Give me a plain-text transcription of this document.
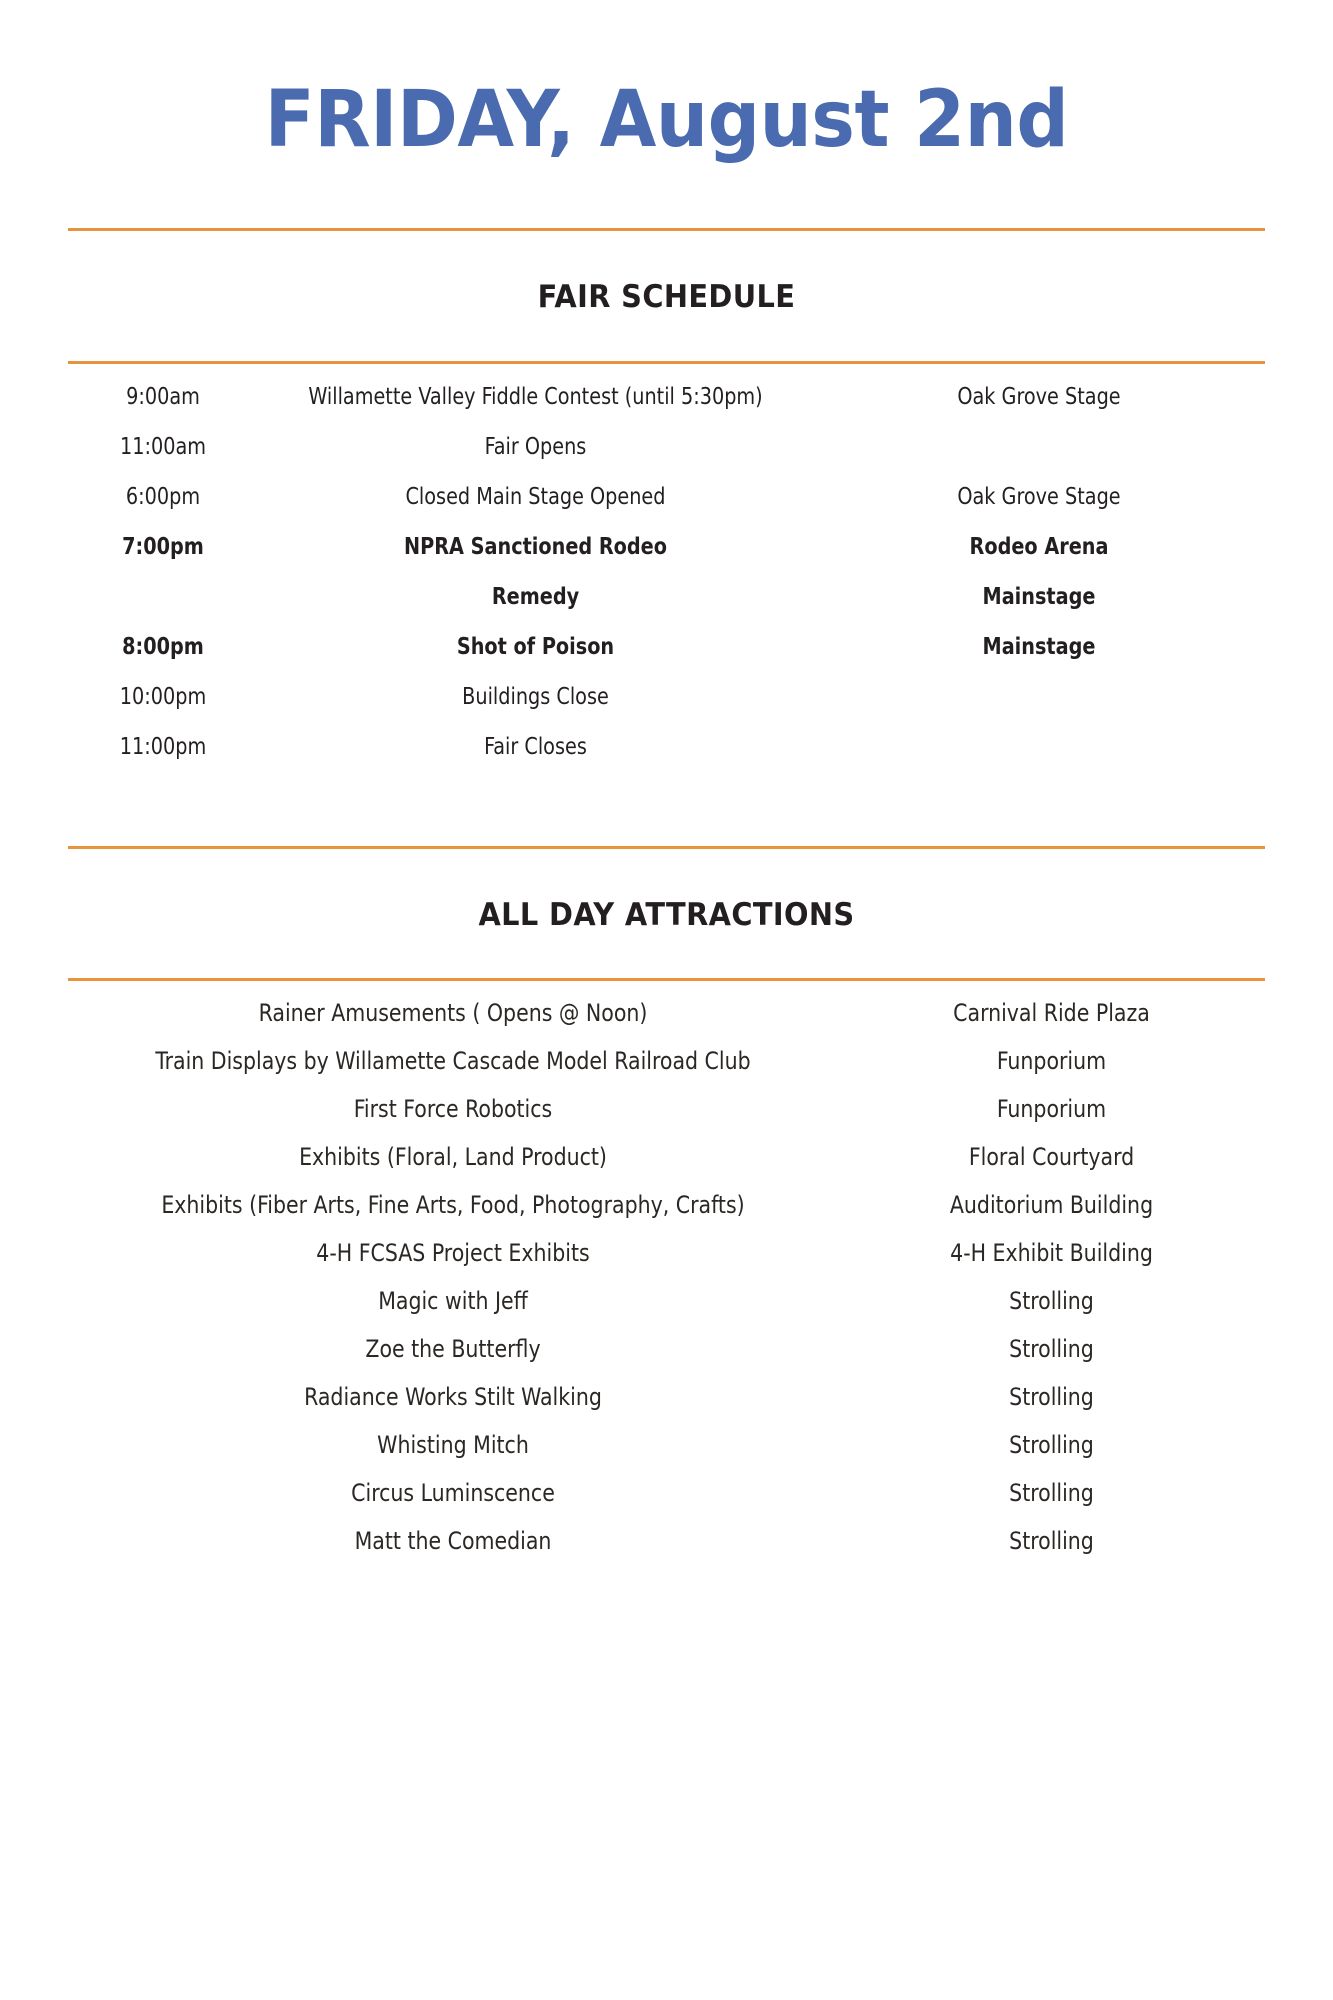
FRIDAY, August 2nd
FAIR SCHEDULE
9:00am	Willamette Valley Fiddle Contest (until 5:30pm)	Oak Grove Stage
11:00am	Fair Opens	
6:00pm	Closed Main Stage Opened	Oak Grove Stage
7:00pm	NPRA Sanctioned Rodeo	Rodeo Arena
	Remedy	Mainstage
8:00pm	Shot of Poison	Mainstage
10:00pm	Buildings Close	
11:00pm	Fair Closes	
ALL DAY ATTRACTIONS
Rainer Amusements ( Opens @ Noon)	Carnival Ride Plaza
Train Displays by Willamette Cascade Model Railroad Club	Funporium
First Force Robotics	Funporium
Exhibits (Floral, Land Product)	Floral Courtyard
Exhibits (Fiber Arts, Fine Arts, Food, Photography, Crafts)	Auditorium Building
4-H FCSAS Project Exhibits	4-H Exhibit Building
Magic with Jeff	Strolling
Zoe the Butterfly	Strolling
Radiance Works Stilt Walking	Strolling
Whisting Mitch	Strolling
Circus Luminscence	Strolling
Matt the Comedian	Strolling
